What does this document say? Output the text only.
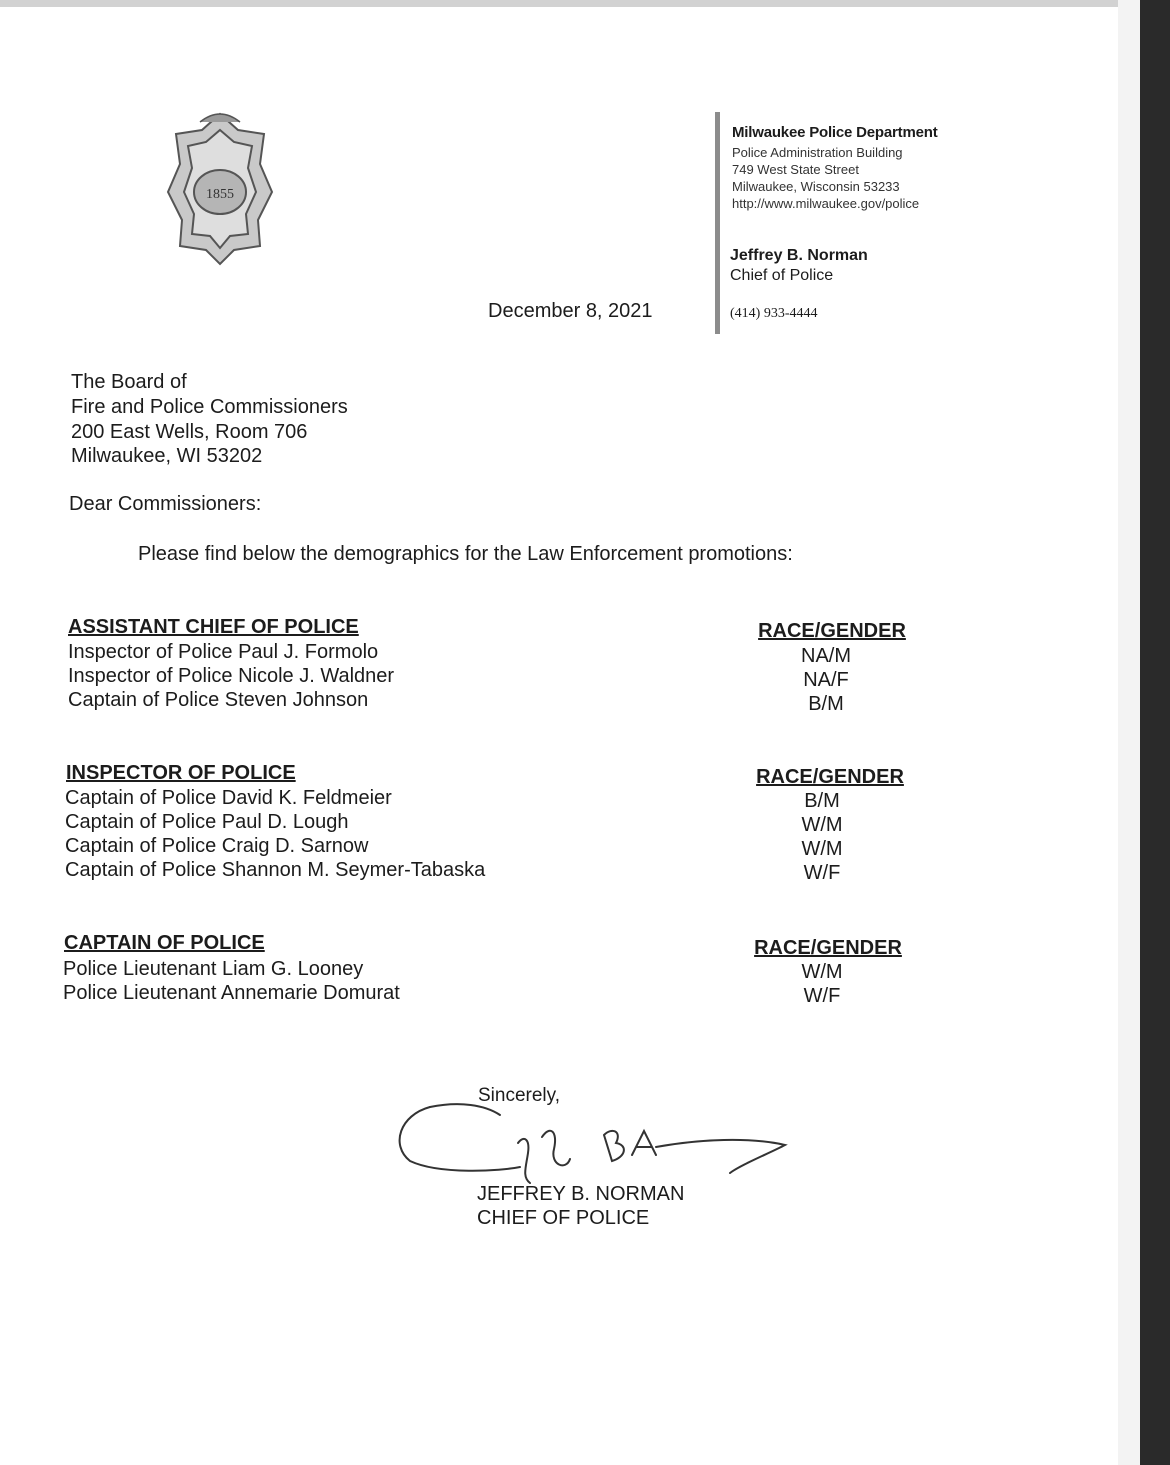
1855
Milwaukee Police Department
Police Administration Building
749 West State Street
Milwaukee, Wisconsin 53233
http://www.milwaukee.gov/police
Jeffrey B. Norman
Chief of Police
(414) 933-4444
December 8, 2021
The Board of
Fire and Police Commissioners
200 East Wells, Room 706
Milwaukee, WI 53202
Dear Commissioners:
Please find below the demographics for the Law Enforcement promotions:
ASSISTANT CHIEF OF POLICE	RACE/GENDER
Inspector of Police Paul J. Formolo	NA/M
Inspector of Police Nicole J. Waldner	NA/F
Captain of Police Steven Johnson	B/M
INSPECTOR OF POLICE	RACE/GENDER
Captain of Police David K. Feldmeier	B/M
Captain of Police Paul D. Lough	W/M
Captain of Police Craig D. Sarnow	W/M
Captain of Police Shannon M. Seymer-Tabaska	W/F
CAPTAIN OF POLICE	RACE/GENDER
Police Lieutenant Liam G. Looney	W/M
Police Lieutenant Annemarie Domurat	W/F
Sincerely,
JEFFREY B. NORMAN
CHIEF OF POLICE
